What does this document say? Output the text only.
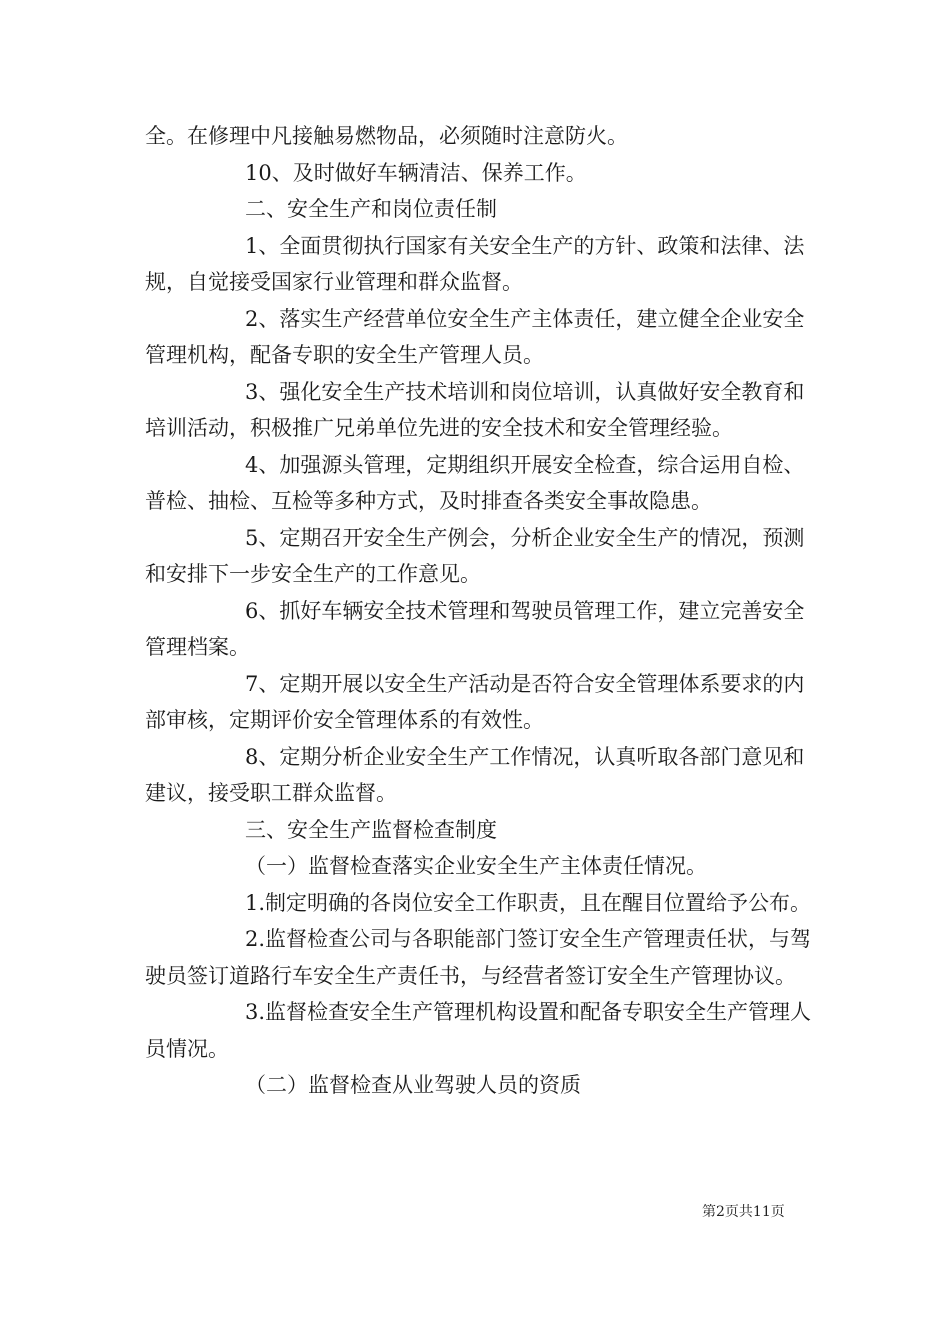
全。在修理中凡接触易燃物品，必须随时注意防火。

10、及时做好车辆清洁、保养工作。

二、安全生产和岗位责任制

1、全面贯彻执行国家有关安全生产的方针、政策和法律、法规，自觉接受国家行业管理和群众监督。

2、落实生产经营单位安全生产主体责任，建立健全企业安全管理机构，配备专职的安全生产管理人员。

3、强化安全生产技术培训和岗位培训，认真做好安全教育和培训活动，积极推广兄弟单位先进的安全技术和安全管理经验。

4、加强源头管理，定期组织开展安全检查，综合运用自检、普检、抽检、互检等多种方式，及时排查各类安全事故隐患。

5、定期召开安全生产例会，分析企业安全生产的情况，预测和安排下一步安全生产的工作意见。

6、抓好车辆安全技术管理和驾驶员管理工作，建立完善安全管理档案。

7、定期开展以安全生产活动是否符合安全管理体系要求的内部审核，定期评价安全管理体系的有效性。

8、定期分析企业安全生产工作情况，认真听取各部门意见和建议，接受职工群众监督。

三、安全生产监督检查制度

（一）监督检查落实企业安全生产主体责任情况。

1.制定明确的各岗位安全工作职责，且在醒目位置给予公布。

2.监督检查公司与各职能部门签订安全生产管理责任状，与驾驶员签订道路行车安全生产责任书，与经营者签订安全生产管理协议。

3.监督检查安全生产管理机构设置和配备专职安全生产管理人员情况。

（二）监督检查从业驾驶人员的资质

第2页共11页
